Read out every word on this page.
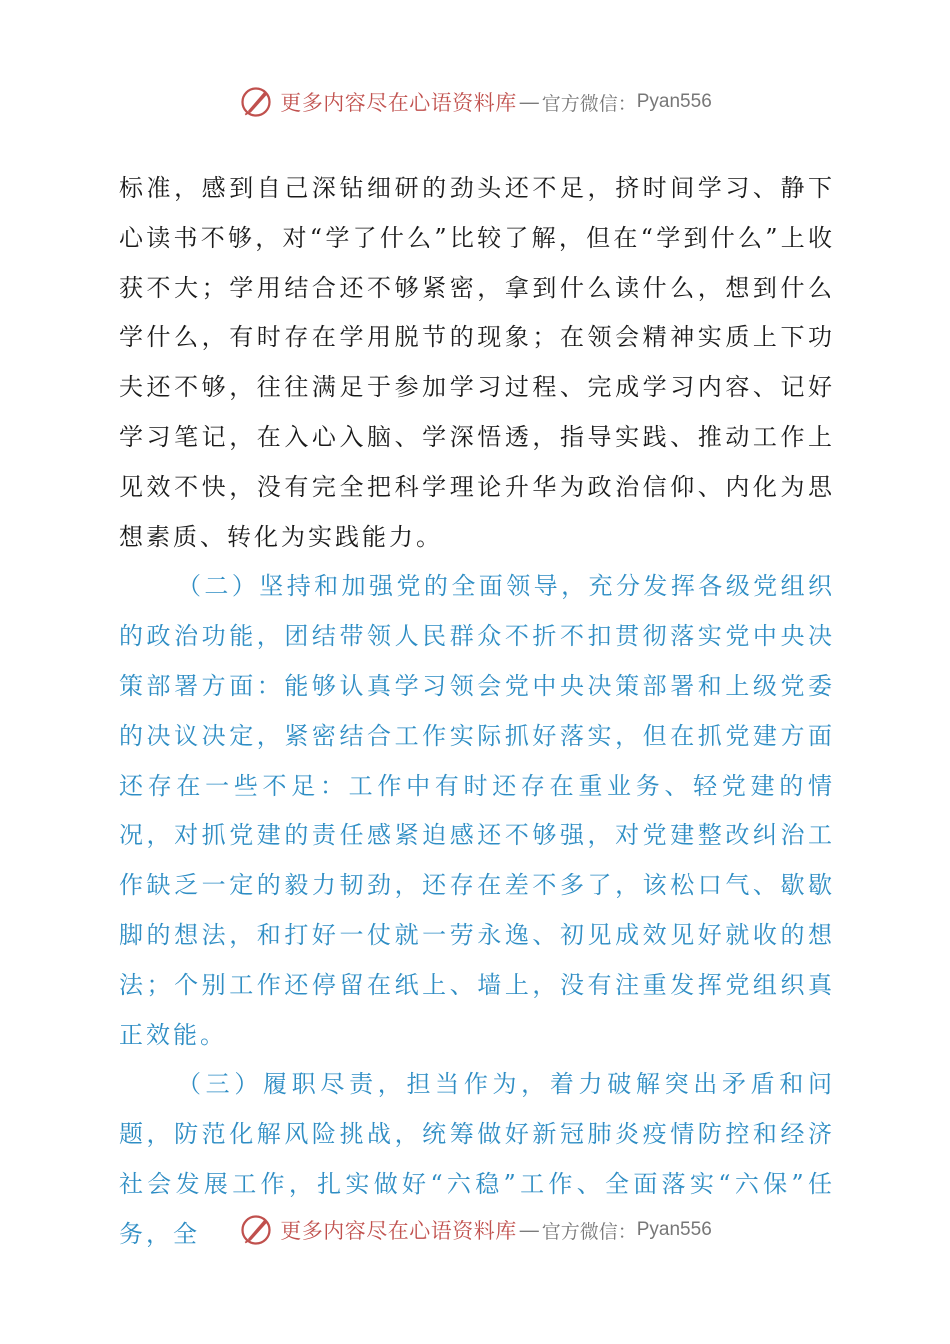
更多内容尽在心语资料库 — 官方微信： Pyan556

标准，感到自己深钻细研的劲头还不足，挤时间学习、静下心读书不够，对“学了什么”比较了解，但在“学到什么”上收获不大；学用结合还不够紧密，拿到什么读什么，想到什么学什么，有时存在学用脱节的现象；在领会精神实质上下功夫还不够，往往满足于参加学习过程、完成学习内容、记好学习笔记，在入心入脑、学深悟透，指导实践、推动工作上见效不快，没有完全把科学理论升华为政治信仰、内化为思想素质、转化为实践能力。

（二）坚持和加强党的全面领导，充分发挥各级党组织的政治功能，团结带领人民群众不折不扣贯彻落实党中央决策部署方面：能够认真学习领会党中央决策部署和上级党委的决议决定，紧密结合工作实际抓好落实，但在抓党建方面还存在一些不足：工作中有时还存在重业务、轻党建的情况，对抓党建的责任感紧迫感还不够强，对党建整改纠治工作缺乏一定的毅力韧劲，还存在差不多了，该松口气、歇歇脚的想法，和打好一仗就一劳永逸、初见成效见好就收的想法；个别工作还停留在纸上、墙上，没有注重发挥党组织真正效能。

（三）履职尽责，担当作为，着力破解突出矛盾和问题，防范化解风险挑战，统筹做好新冠肺炎疫情防控和经济社会发展工作，扎实做好“六稳”工作、全面落实“六保”任务，全	更多内容尽在心语资料库 — 官方微信： Pyan556
